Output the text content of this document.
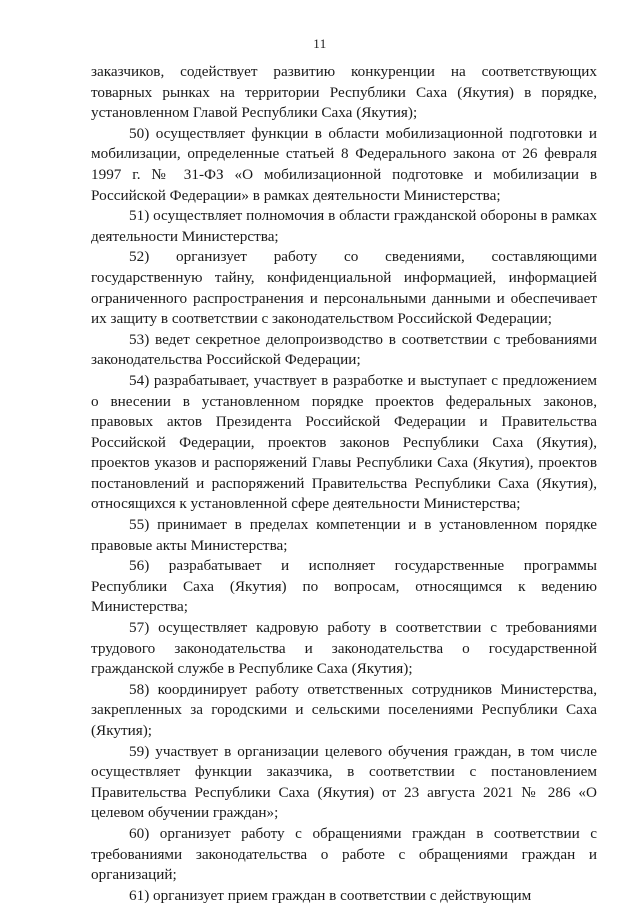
11

заказчиков, содействует развитию конкуренции на соответствующих товарных рынках на территории Республики Саха (Якутия) в порядке, установленном Главой Республики Саха (Якутия);

50) осуществляет функции в области мобилизационной подготовки и мобилизации, определенные статьей 8 Федерального закона от 26 февраля 1997 г. № 31-ФЗ «О мобилизационной подготовке и мобилизации в Российской Федерации» в рамках деятельности Министерства;

51) осуществляет полномочия в области гражданской обороны в рамках деятельности Министерства;

52) организует работу со сведениями, составляющими государственную тайну, конфиденциальной информацией, информацией ограниченного распространения и персональными данными и обеспечивает их защиту в соответствии с законодательством Российской Федерации;

53) ведет секретное делопроизводство в соответствии с требованиями законодательства Российской Федерации;

54) разрабатывает, участвует в разработке и выступает с предложением о внесении в установленном порядке проектов федеральных законов, правовых актов Президента Российской Федерации и Правительства Российской Федерации, проектов законов Республики Саха (Якутия), проектов указов и распоряжений Главы Республики Саха (Якутия), проектов постановлений и распоряжений Правительства Республики Саха (Якутия), относящихся к установленной сфере деятельности Министерства;

55) принимает в пределах компетенции и в установленном порядке правовые акты Министерства;

56) разрабатывает и исполняет государственные программы Республики Саха (Якутия) по вопросам, относящимся к ведению Министерства;

57) осуществляет кадровую работу в соответствии с требованиями трудового законодательства и законодательства о государственной гражданской службе в Республике Саха (Якутия);

58) координирует работу ответственных сотрудников Министерства, закрепленных за городскими и сельскими поселениями Республики Саха (Якутия);

59) участвует в организации целевого обучения граждан, в том числе осуществляет функции заказчика, в соответствии с постановлением Правительства Республики Саха (Якутия) от 23 августа 2021 № 286 «О целевом обучении граждан»;

60) организует работу с обращениями граждан в соответствии с требованиями законодательства о работе с обращениями граждан и организаций;

61) организует прием граждан в соответствии с действующим
